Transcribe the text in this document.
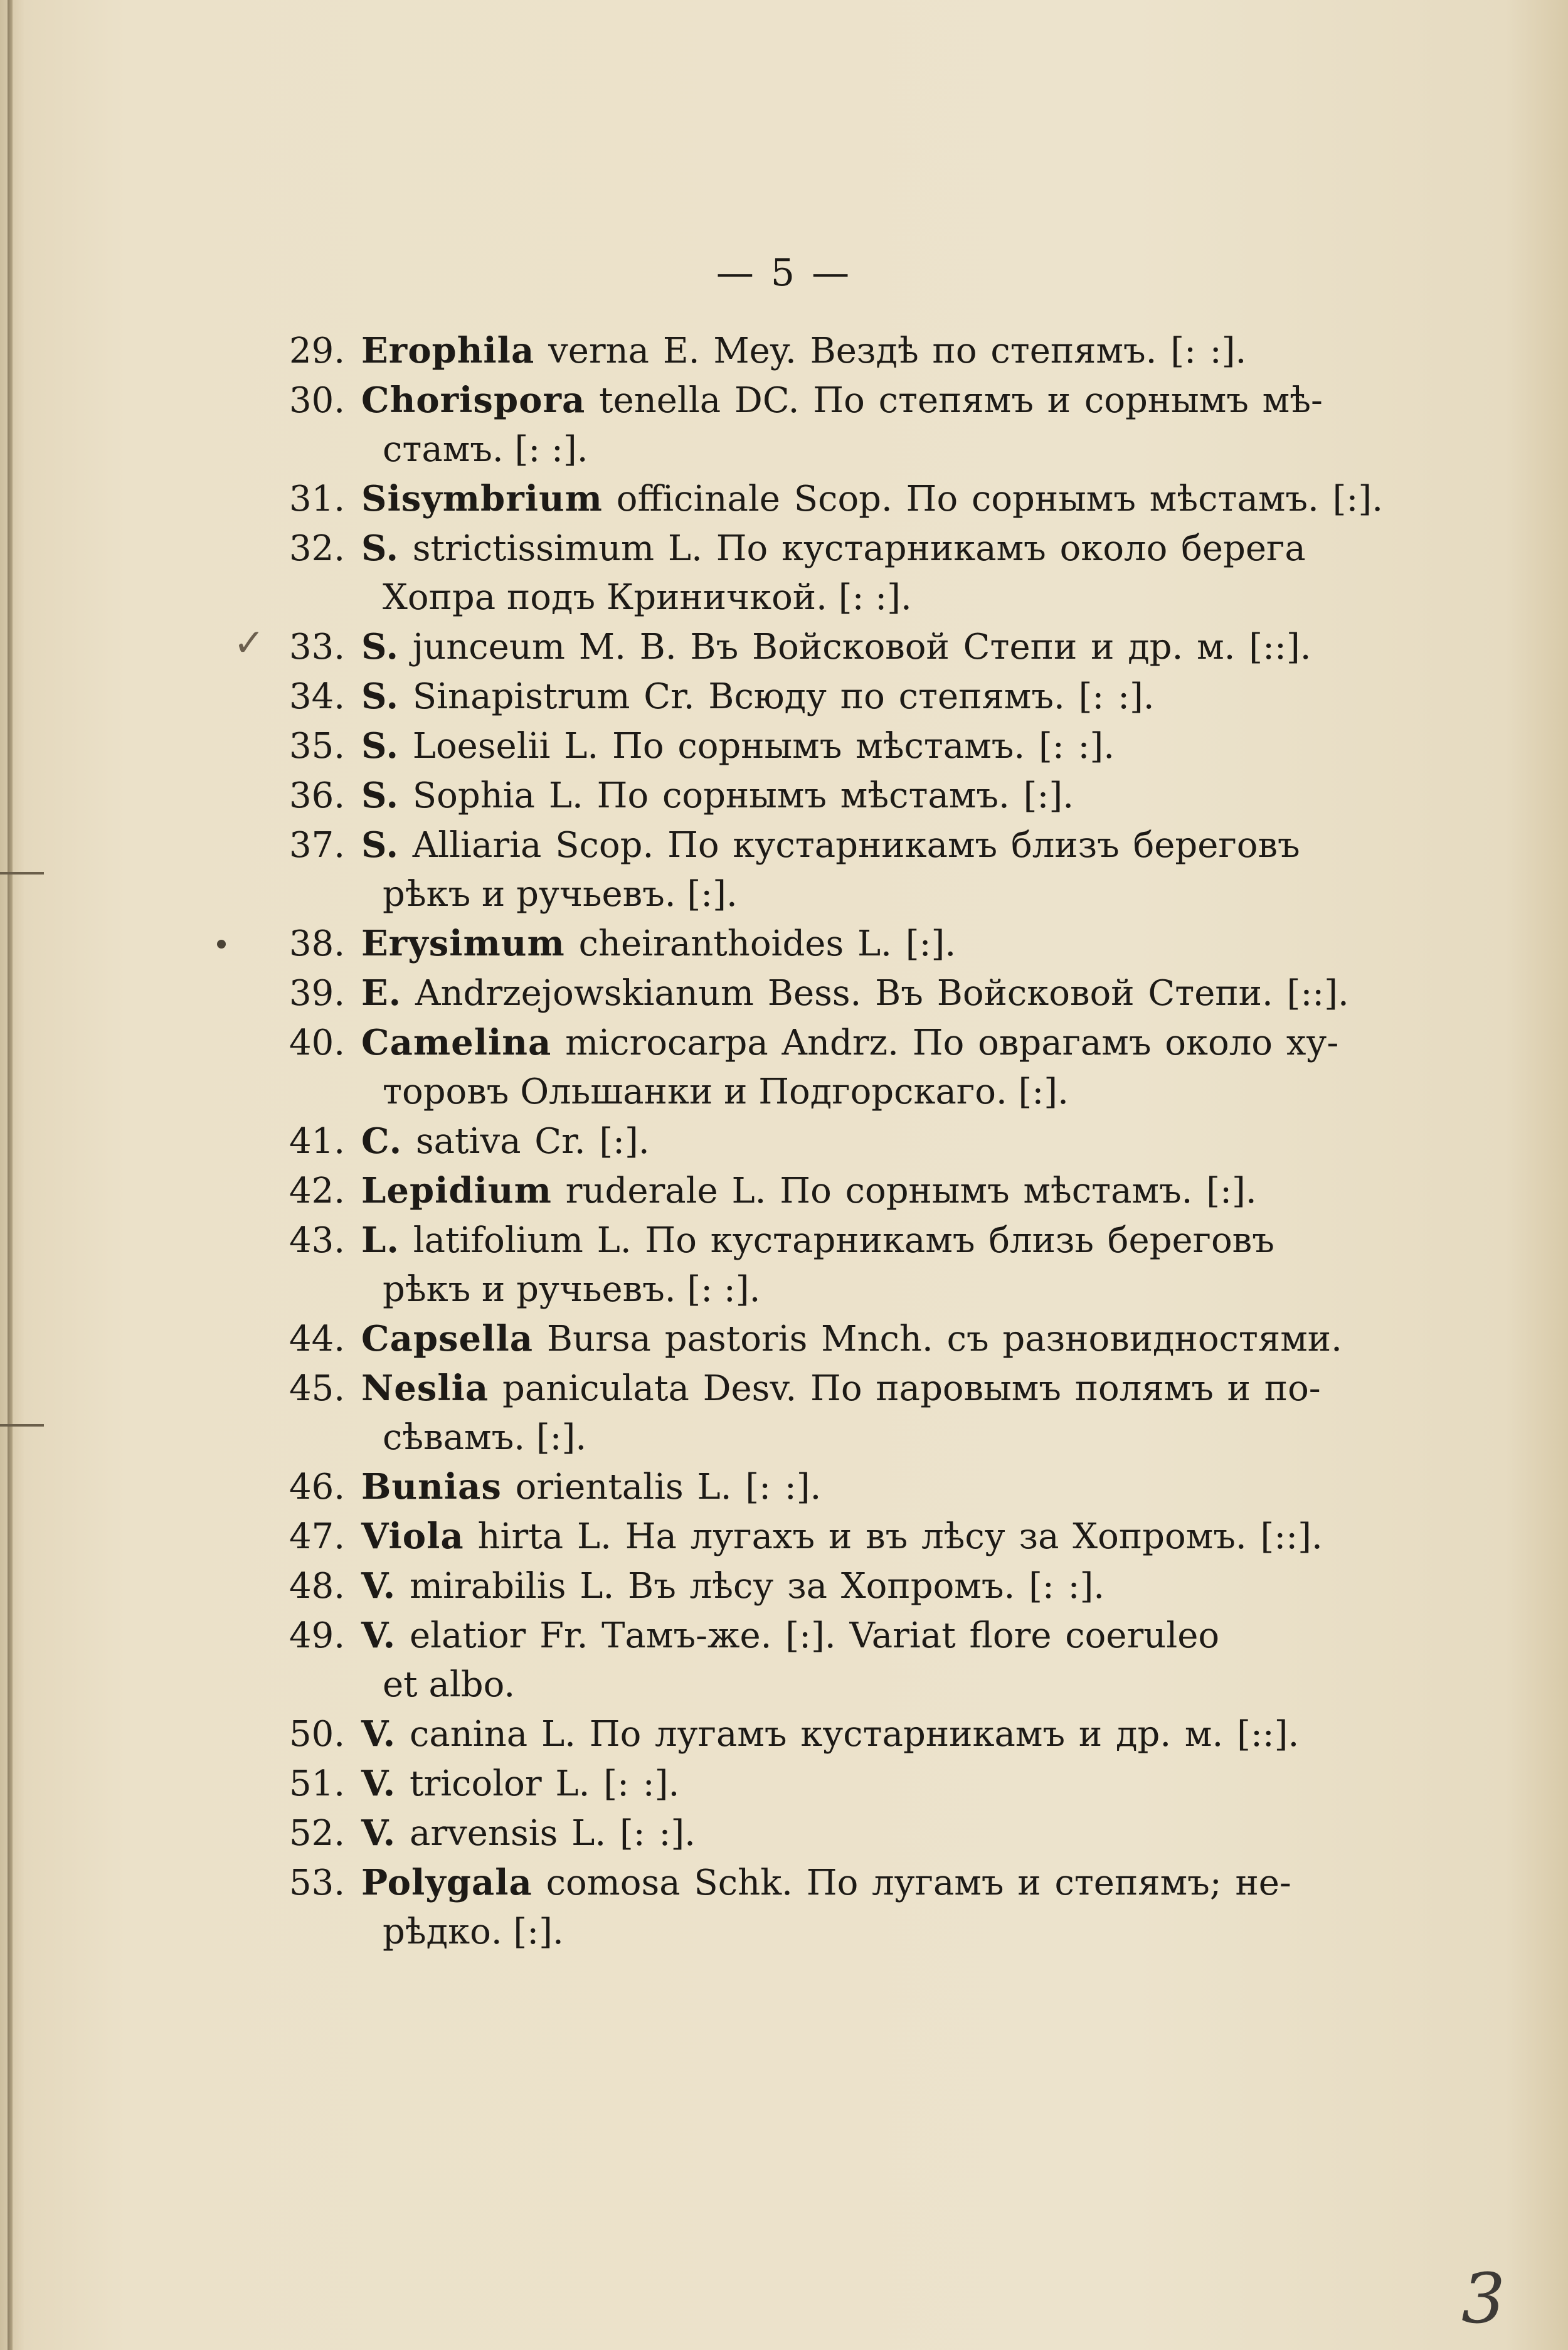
— 5 —
✓
29. Erophila verna E. Mey. Вездѣ по степямъ. [: :].
30. Chorispora tenella DC. По степямъ и сорнымъ мѣ-
стамъ. [: :].
31. Sisymbrium officinale Scop. По сорнымъ мѣстамъ. [:].
32. S. strictissimum L. По кустарникамъ около берега
Хопра подъ Криничкой. [: :].
33. S. junceum M. B. Въ Войсковой Степи и др. м. [::].
34. S. Sinapistrum Cr. Всюду по степямъ. [: :].
35. S. Loeselii L. По сорнымъ мѣстамъ. [: :].
36. S. Sophia L. По сорнымъ мѣстамъ. [:].
37. S. Alliaria Scop. По кустарникамъ близъ береговъ
рѣкъ и ручьевъ. [:].
38. Erysimum cheiranthoides L. [:].
39. E. Andrzejowskianum Bess. Въ Войсковой Степи. [::].
40. Camelina microcarpa Andrz. По оврагамъ около ху-
торовъ Ольшанки и Подгорскаго. [:].
41. C. sativa Cr. [:].
42. Lepidium ruderale L. По сорнымъ мѣстамъ. [:].
43. L. latifolium L. По кустарникамъ близь береговъ
рѣкъ и ручьевъ. [: :].
44. Capsella Bursa pastoris Mnch. съ разновидностями.
45. Neslia paniculata Desv. По паровымъ полямъ и по-
сѣвамъ. [:].
46. Bunias orientalis L. [: :].
47. Viola hirta L. На лугахъ и въ лѣсу за Хопромъ. [::].
48. V. mirabilis L. Въ лѣсу за Хопромъ. [: :].
49. V. elatior Fr. Тамъ-же. [:]. Variat flore coeruleo
et albo.
50. V. canina L. По лугамъ кустарникамъ и др. м. [::].
51. V. tricolor L. [: :].
52. V. arvensis L. [: :].
53. Polygala comosa Schk. По лугамъ и степямъ; не-
рѣдко. [:].
3
